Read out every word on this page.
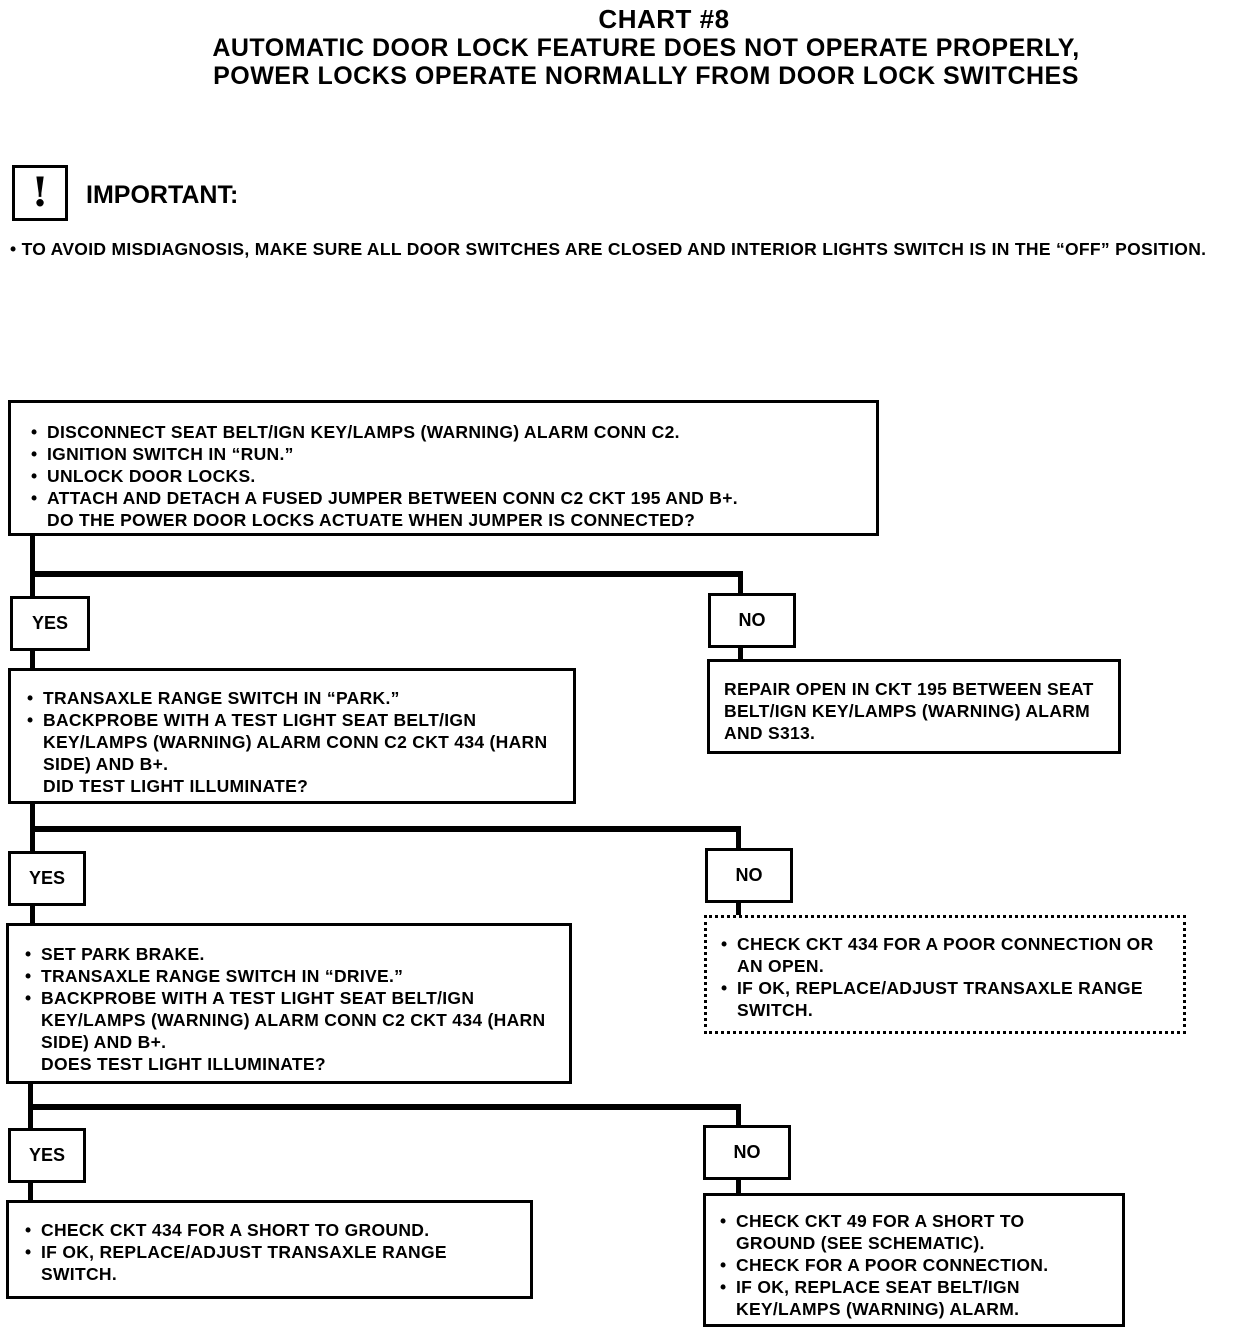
CHART #8
AUTOMATIC DOOR LOCK FEATURE DOES NOT OPERATE PROPERLY,
POWER LOCKS OPERATE NORMALLY FROM DOOR LOCK SWITCHES
!	IMPORTANT:
• TO AVOID MISDIAGNOSIS, MAKE SURE ALL DOOR SWITCHES ARE CLOSED AND INTERIOR LIGHTS SWITCH IS IN THE “OFF” POSITION.
• DISCONNECT SEAT BELT/IGN KEY/LAMPS (WARNING) ALARM CONN C2.
• IGNITION SWITCH IN “RUN.”
• UNLOCK DOOR LOCKS.
• ATTACH AND DETACH A FUSED JUMPER BETWEEN CONN C2 CKT 195 AND B+.
DO THE POWER DOOR LOCKS ACTUATE WHEN JUMPER IS CONNECTED?
YES	NO
REPAIR OPEN IN CKT 195 BETWEEN SEAT BELT/IGN KEY/LAMPS (WARNING) ALARM AND S313.
• TRANSAXLE RANGE SWITCH IN “PARK.”
• BACKPROBE WITH A TEST LIGHT SEAT BELT/IGN KEY/LAMPS (WARNING) ALARM CONN C2 CKT 434 (HARN SIDE) AND B+.
DID TEST LIGHT ILLUMINATE?
YES	NO
• CHECK CKT 434 FOR A POOR CONNECTION OR AN OPEN.
• IF OK, REPLACE/ADJUST TRANSAXLE RANGE SWITCH.
• SET PARK BRAKE.
• TRANSAXLE RANGE SWITCH IN “DRIVE.”
• BACKPROBE WITH A TEST LIGHT SEAT BELT/IGN KEY/LAMPS (WARNING) ALARM CONN C2 CKT 434 (HARN SIDE) AND B+.
DOES TEST LIGHT ILLUMINATE?
YES	NO
• CHECK CKT 434 FOR A SHORT TO GROUND.
• IF OK, REPLACE/ADJUST TRANSAXLE RANGE SWITCH.
• CHECK CKT 49 FOR A SHORT TO GROUND (SEE SCHEMATIC).
• CHECK FOR A POOR CONNECTION.
• IF OK, REPLACE SEAT BELT/IGN KEY/LAMPS (WARNING) ALARM.
